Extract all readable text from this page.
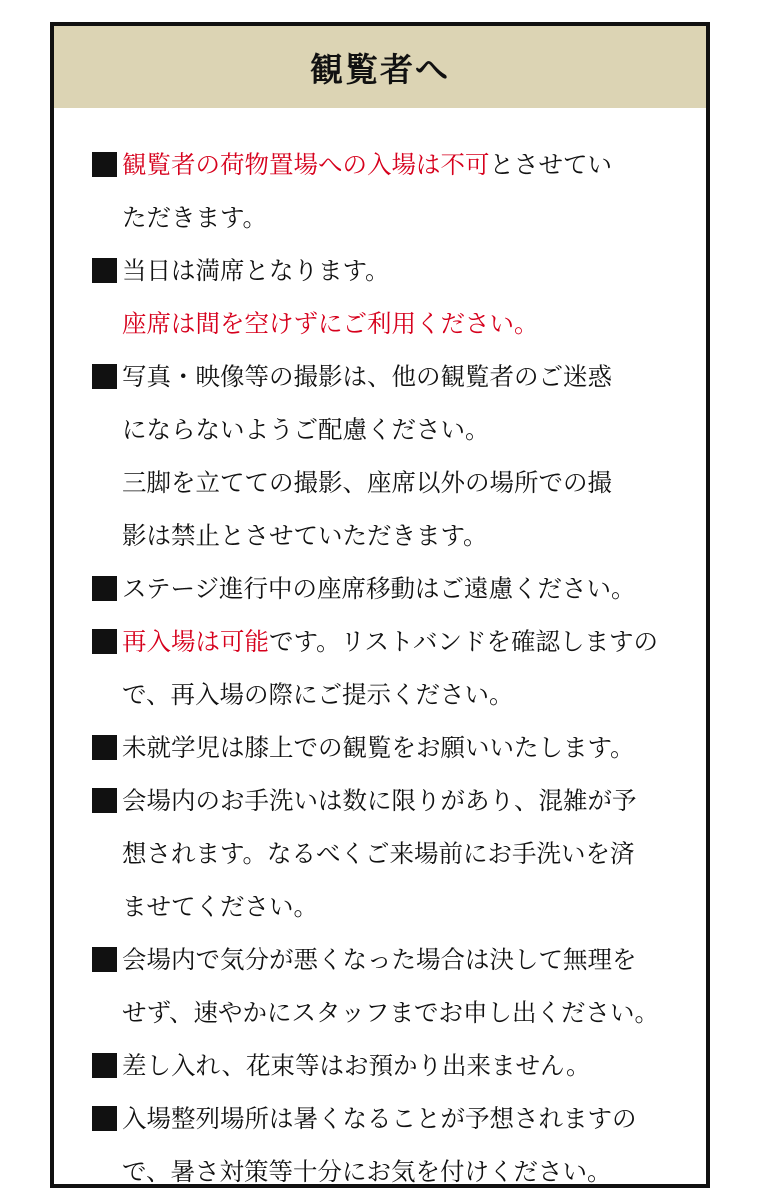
観覧者へ
観覧者の荷物置場への入場は不可とさせてい
ただきます。
当日は満席となります。
座席は間を空けずにご利用ください。
写真・映像等の撮影は、他の観覧者のご迷惑
にならないようご配慮ください。
三脚を立てての撮影、座席以外の場所での撮
影は禁止とさせていただきます。
ステージ進行中の座席移動はご遠慮ください。
再入場は可能です。リストバンドを確認しますの
で、再入場の際にご提示ください。
未就学児は膝上での観覧をお願いいたします。
会場内のお手洗いは数に限りがあり、混雑が予
想されます。なるべくご来場前にお手洗いを済
ませてください。
会場内で気分が悪くなった場合は決して無理を
せず、速やかにスタッフまでお申し出ください。
差し入れ、花束等はお預かり出来ません。
入場整列場所は暑くなることが予想されますの
で、暑さ対策等十分にお気を付けください。
